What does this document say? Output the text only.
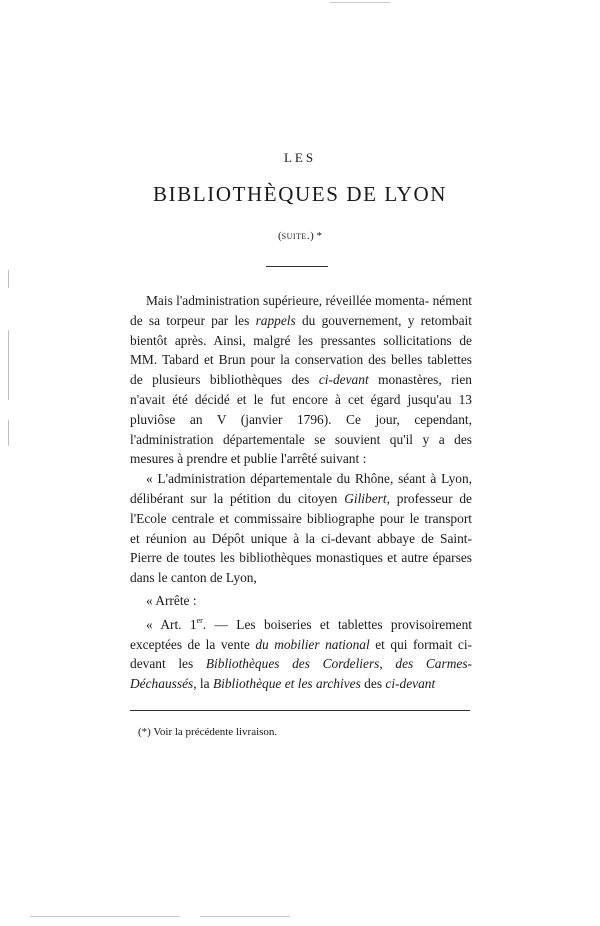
LES
BIBLIOTHÈQUES DE LYON
(suite.) *

Mais l'administration supérieure, réveillée momenta- nément de sa torpeur par les rappels du gouvernement, y retombait bientôt après. Ainsi, malgré les pressantes sollicitations de MM. Tabard et Brun pour la conservation des belles tablettes de plusieurs bibliothèques des ci-devant monastères, rien n'avait été décidé et le fut encore à cet égard jusqu'au 13 pluviôse an V (janvier 1796). Ce jour, cependant, l'administration départementale se souvient qu'il y a des mesures à prendre et publie l'arrêté suivant :

« L'administration départementale du Rhône, séant à Lyon, délibérant sur la pétition du citoyen Gilibert, professeur de l'Ecole centrale et commissaire bibliographe pour le transport et réunion au Dépôt unique à la ci-devant abbaye de Saint-Pierre de toutes les bibliothèques monastiques et autre éparses dans le canton de Lyon,

« Arrête :

« Art. 1er. — Les boiseries et tablettes provisoirement exceptées de la vente du mobilier national et qui formait ci-devant les Bibliothèques des Cordeliers, des Carmes-Déchaussés, la Bibliothèque et les archives des ci-devant

(*) Voir la précédente livraison.
